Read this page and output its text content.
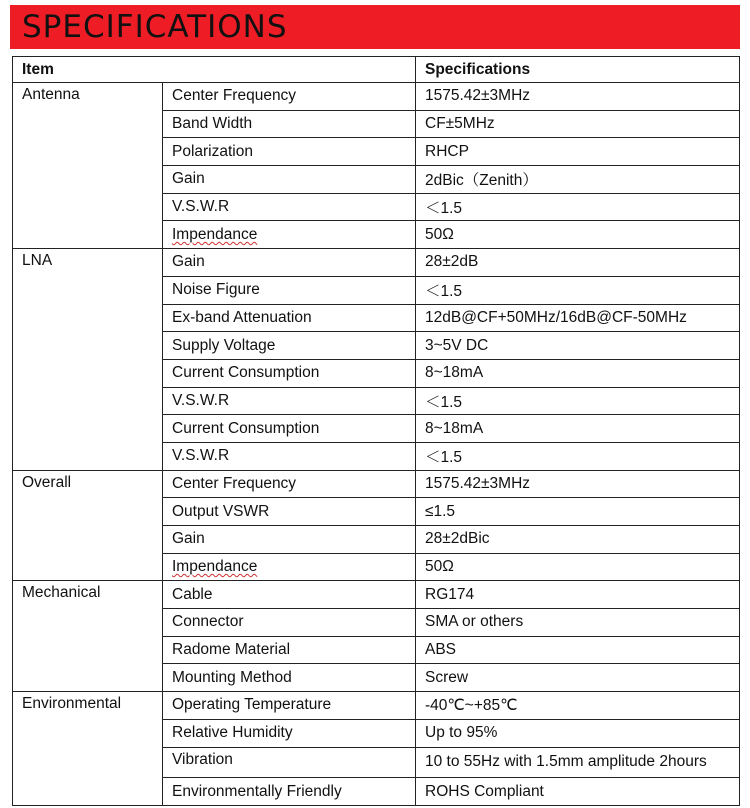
SPECIFICATIONS
Item		Specifications
Antenna	Center Frequency	1575.42±3MHz
	Band Width	CF±5MHz
	Polarization	RHCP
	Gain	2dBic（Zenith）
	V.S.W.R	＜1.5
	Impendance	50Ω
LNA	Gain	28±2dB
	Noise Figure	＜1.5
	Ex-band Attenuation	12dB@CF+50MHz/16dB@CF-50MHz
	Supply Voltage	3~5V DC
	Current Consumption	8~18mA
	V.S.W.R	＜1.5
	Current Consumption	8~18mA
	V.S.W.R	＜1.5
Overall	Center Frequency	1575.42±3MHz
	Output VSWR	≤1.5
	Gain	28±2dBic
	Impendance	50Ω
Mechanical	Cable	RG174
	Connector	SMA or others
	Radome Material	ABS
	Mounting Method	Screw
Environmental	Operating Temperature	-40℃~+85℃
	Relative Humidity	Up to 95%
	Vibration	10 to 55Hz with 1.5mm amplitude 2hours
	Environmentally Friendly	ROHS Compliant
